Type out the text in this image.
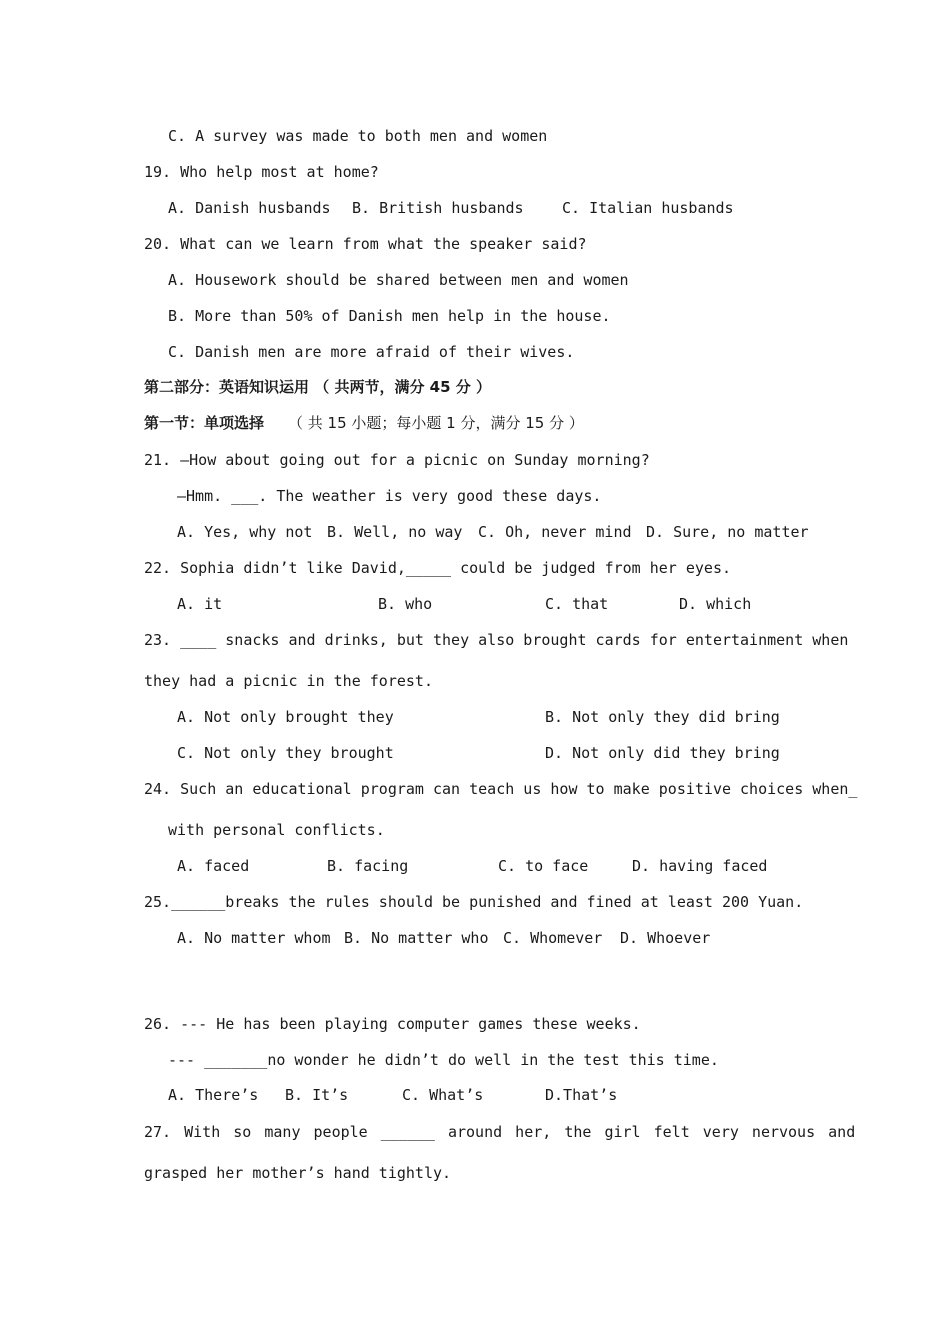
C. A survey was made to both men and women
19. Who help most at home?
A. Danish husbands B. British husbands	C. Italian husbands
20. What can we learn from what the speaker said?
A. Housework should be shared between men and women
B. More than 50% of Danish men help in the house.
C. Danish men are more afraid of their wives.
第二部分：英语知识运用 （ 共两节，满分 45 分 ）
第一节：单项选择 （ 共 15 小题；每小题 1 分，满分 15 分 ）
21. —How about going out for a picnic on Sunday morning?
—Hmm. ___. The weather is very good these days.
A. Yes, why not B. Well, no way C. Oh, never mind D. Sure, no matter
22. Sophia didn’t like David,_____ could be judged from her eyes.
A. it	B. who	C. that	D. which
23. ____ snacks and drinks, but they also brought cards for entertainment when
they had a picnic in the forest.
A. Not only brought they	B. Not only they did bring
C. Not only they brought	D. Not only did they bring
24. Such an educational program can teach us how to make positive choices when_
with personal conflicts.
A. faced	B. facing	C. to face	D. having faced
25.______breaks the rules should be punished and fined at least 200 Yuan.
A. No matter whom B. No matter who C. Whomever D. Whoever
26. --- He has been playing computer games these weeks.
--- _______no wonder he didn’t do well in the test this time.
A. There’s B. It’s	C. What’s	D.That’s
27. With so many people ______ around her, the girl felt very nervous and
grasped her mother’s hand tightly.
